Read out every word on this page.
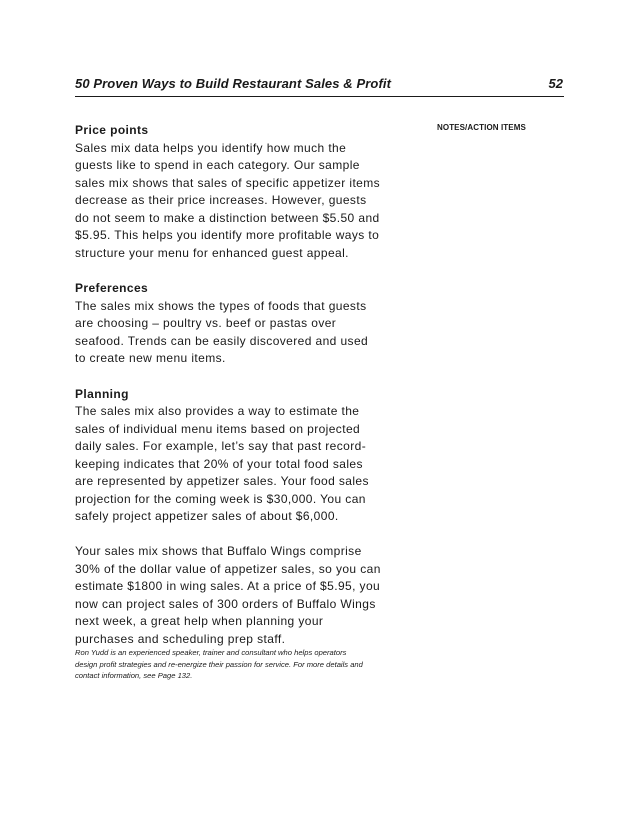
50 Proven Ways to Build Restaurant Sales & Profit	52
NOTES/ACTION ITEMS
Price points

Sales mix data helps you identify how much the guests like to spend in each category. Our sample sales mix shows that sales of specific appetizer items decrease as their price increases. However, guests do not seem to make a distinction between $5.50 and $5.95. This helps you identify more profitable ways to structure your menu for enhanced guest appeal.

Preferences

The sales mix shows the types of foods that guests are choosing – poultry vs. beef or pastas over seafood. Trends can be easily discovered and used to create new menu items.

Planning

The sales mix also provides a way to estimate the sales of individual menu items based on projected daily sales. For example, let’s say that past record-keeping indicates that 20% of your total food sales are represented by appetizer sales. Your food sales projection for the coming week is $30,000. You can safely project appetizer sales of about $6,000.

Your sales mix shows that Buffalo Wings comprise 30% of the dollar value of appetizer sales, so you can estimate $1800 in wing sales. At a price of $5.95, you now can project sales of 300 orders of Buffalo Wings next week, a great help when planning your purchases and scheduling prep staff.

Ron Yudd is an experienced speaker, trainer and consultant who helps operators design profit strategies and re-energize their passion for service. For more details and contact information, see Page 132.
